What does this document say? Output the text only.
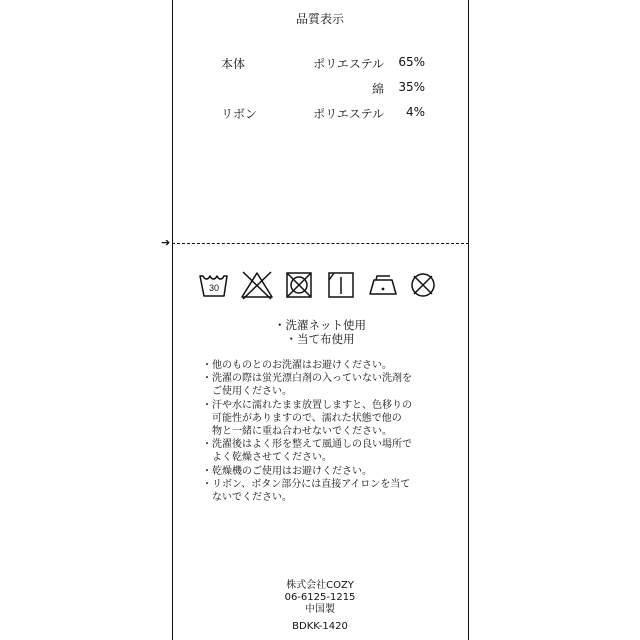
品質表示
本体	ポリエステル 65%
綿 35%
リボン	ポリエステル 4%
➔
30
・洗濯ネット使用
・当て布使用
・他のものとのお洗濯はお避けください。
・洗濯の際は蛍光漂白剤の入っていない洗剤を
　ご使用ください。
・汗や水に濡れたまま放置しますと、色移りの
　可能性がありますので、濡れた状態で他の
　物と一緒に重ね合わせないでください。
・洗濯後はよく形を整えて風通しの良い場所で
　よく乾燥させてください。
・乾燥機のご使用はお避けください。
・リボン、ボタン部分には直接アイロンを当て
　ないでください。
株式会社COZY
06-6125-1215
中国製
BDKK-1420
